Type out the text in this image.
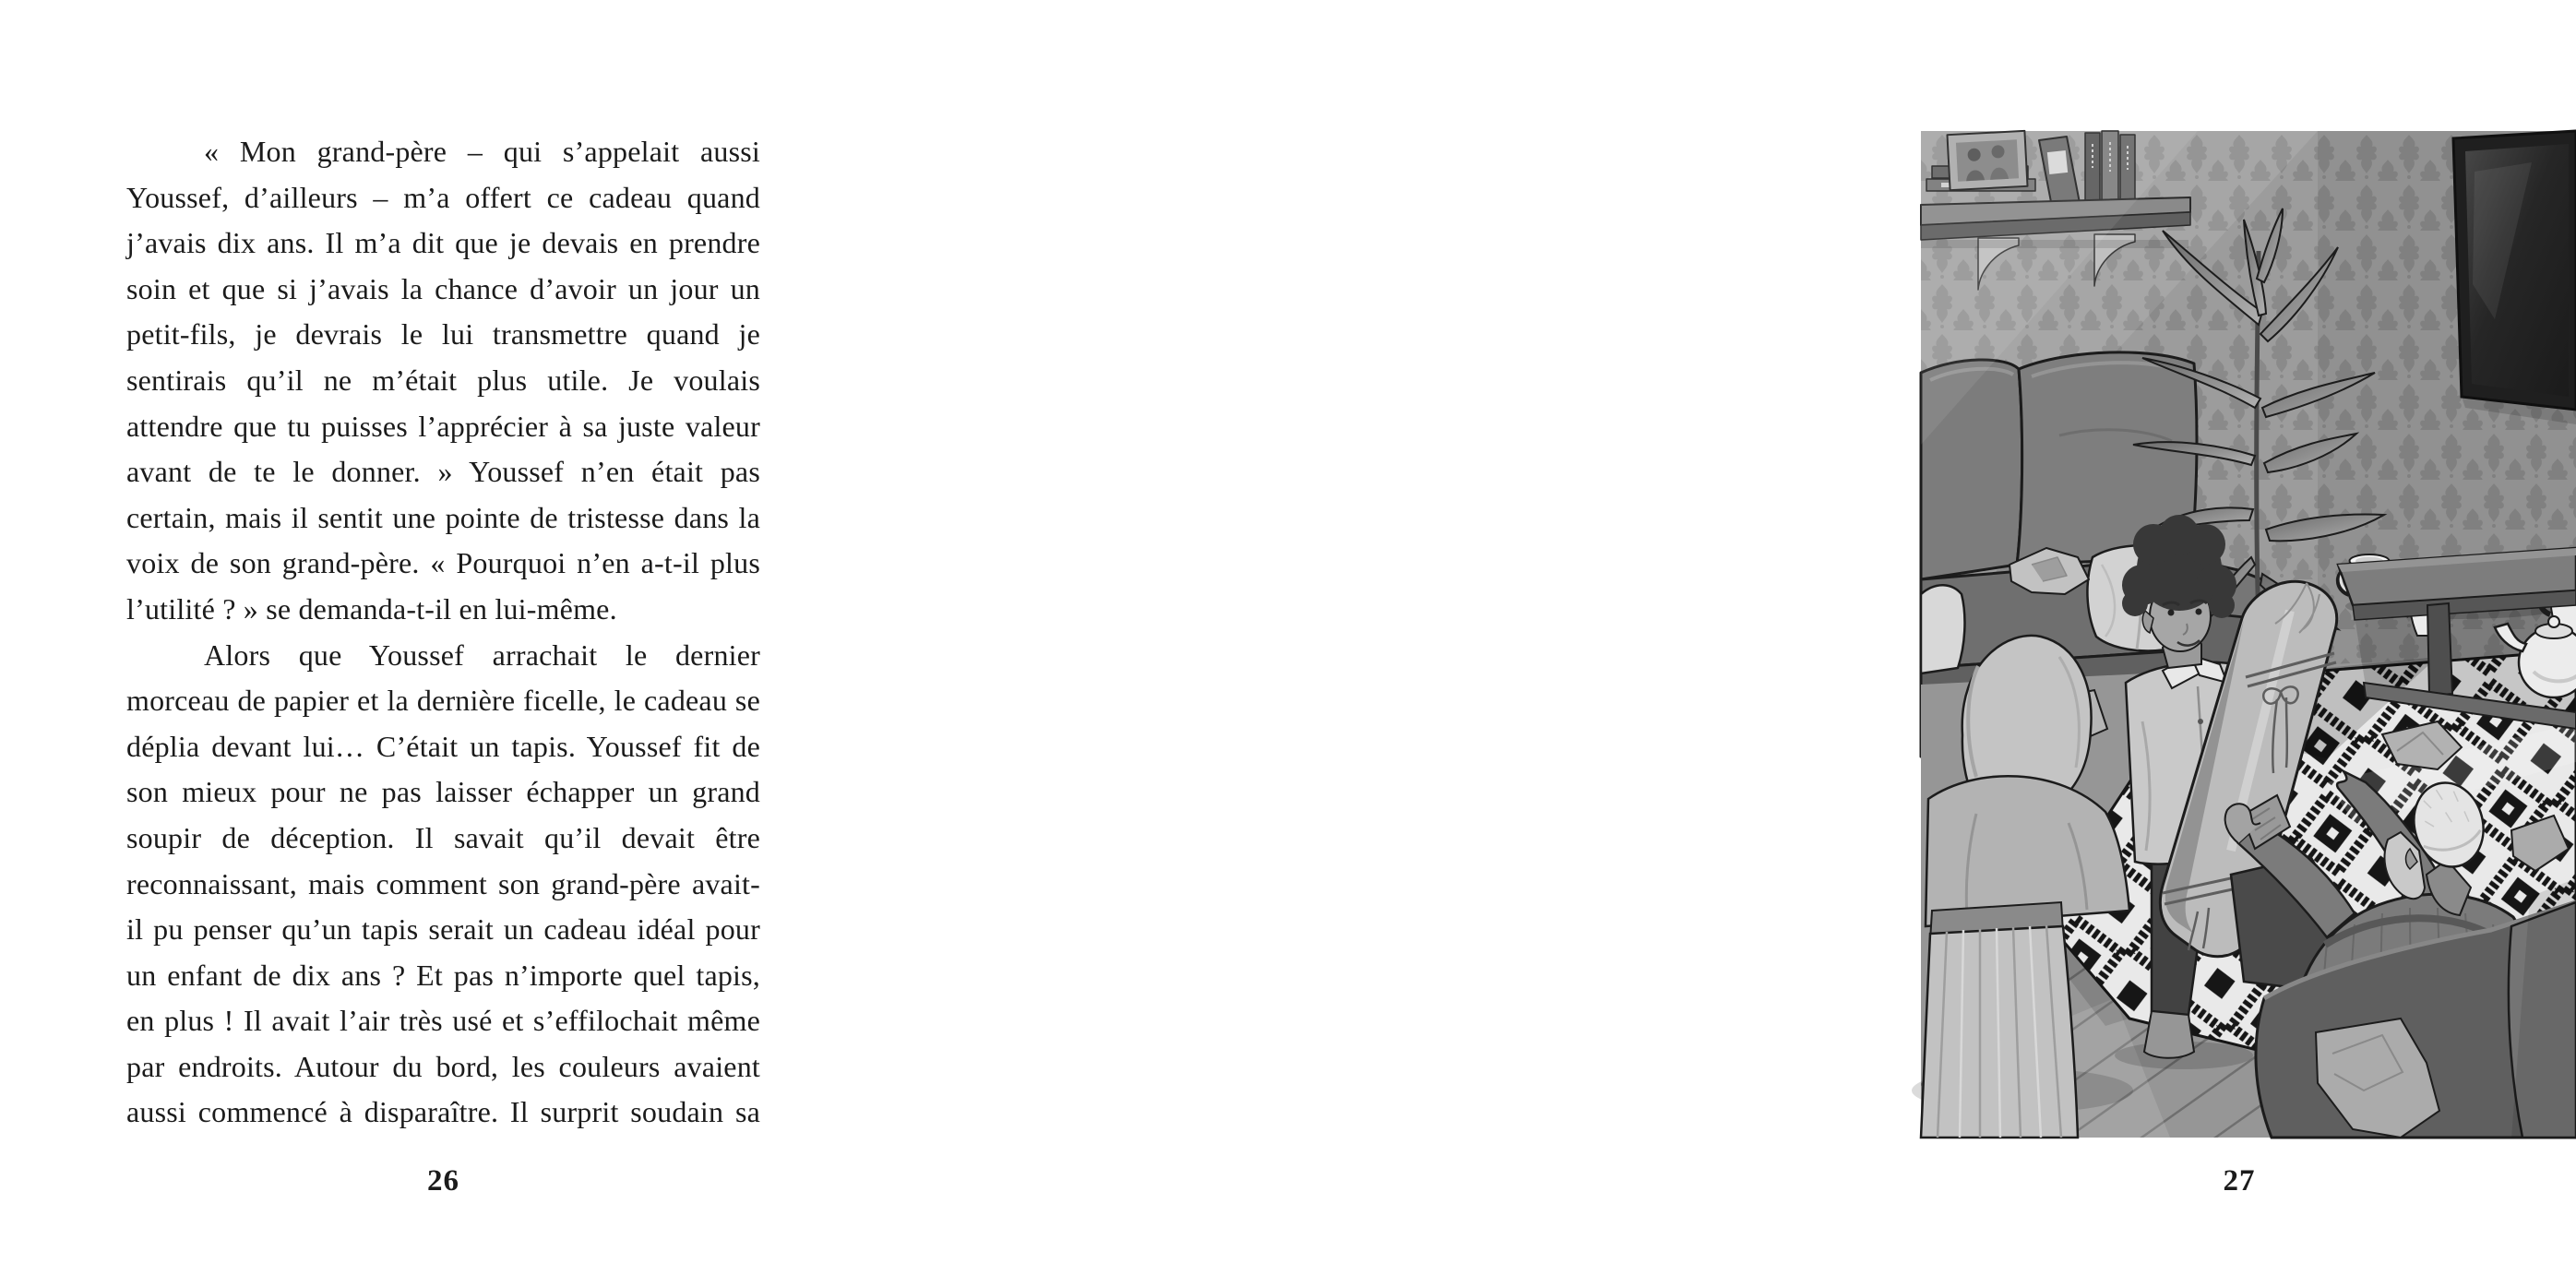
« Mon grand-père – qui s’appelait aussi
Youssef, d’ailleurs – m’a offert ce cadeau quand
j’avais dix ans. Il m’a dit que je devais en prendre
soin et que si j’avais la chance d’avoir un jour un
petit-fils, je devrais le lui transmettre quand je
sentirais qu’il ne m’était plus utile. Je voulais
attendre que tu puisses l’apprécier à sa juste valeur
avant de te le donner. » Youssef n’en était pas
certain, mais il sentit une pointe de tristesse dans la
voix de son grand-père. « Pourquoi n’en a-t-il plus
l’utilité ? » se demanda-t-il en lui-même.
Alors que Youssef arrachait le dernier
morceau de papier et la dernière ficelle, le cadeau se
déplia devant lui… C’était un tapis. Youssef fit de
son mieux pour ne pas laisser échapper un grand
soupir de déception. Il savait qu’il devait être
reconnaissant, mais comment son grand-père avait-
il pu penser qu’un tapis serait un cadeau idéal pour
un enfant de dix ans ? Et pas n’importe quel tapis,
en plus ! Il avait l’air très usé et s’effilochait même
par endroits. Autour du bord, les couleurs avaient
aussi commencé à disparaître. Il surprit soudain sa
26	27
